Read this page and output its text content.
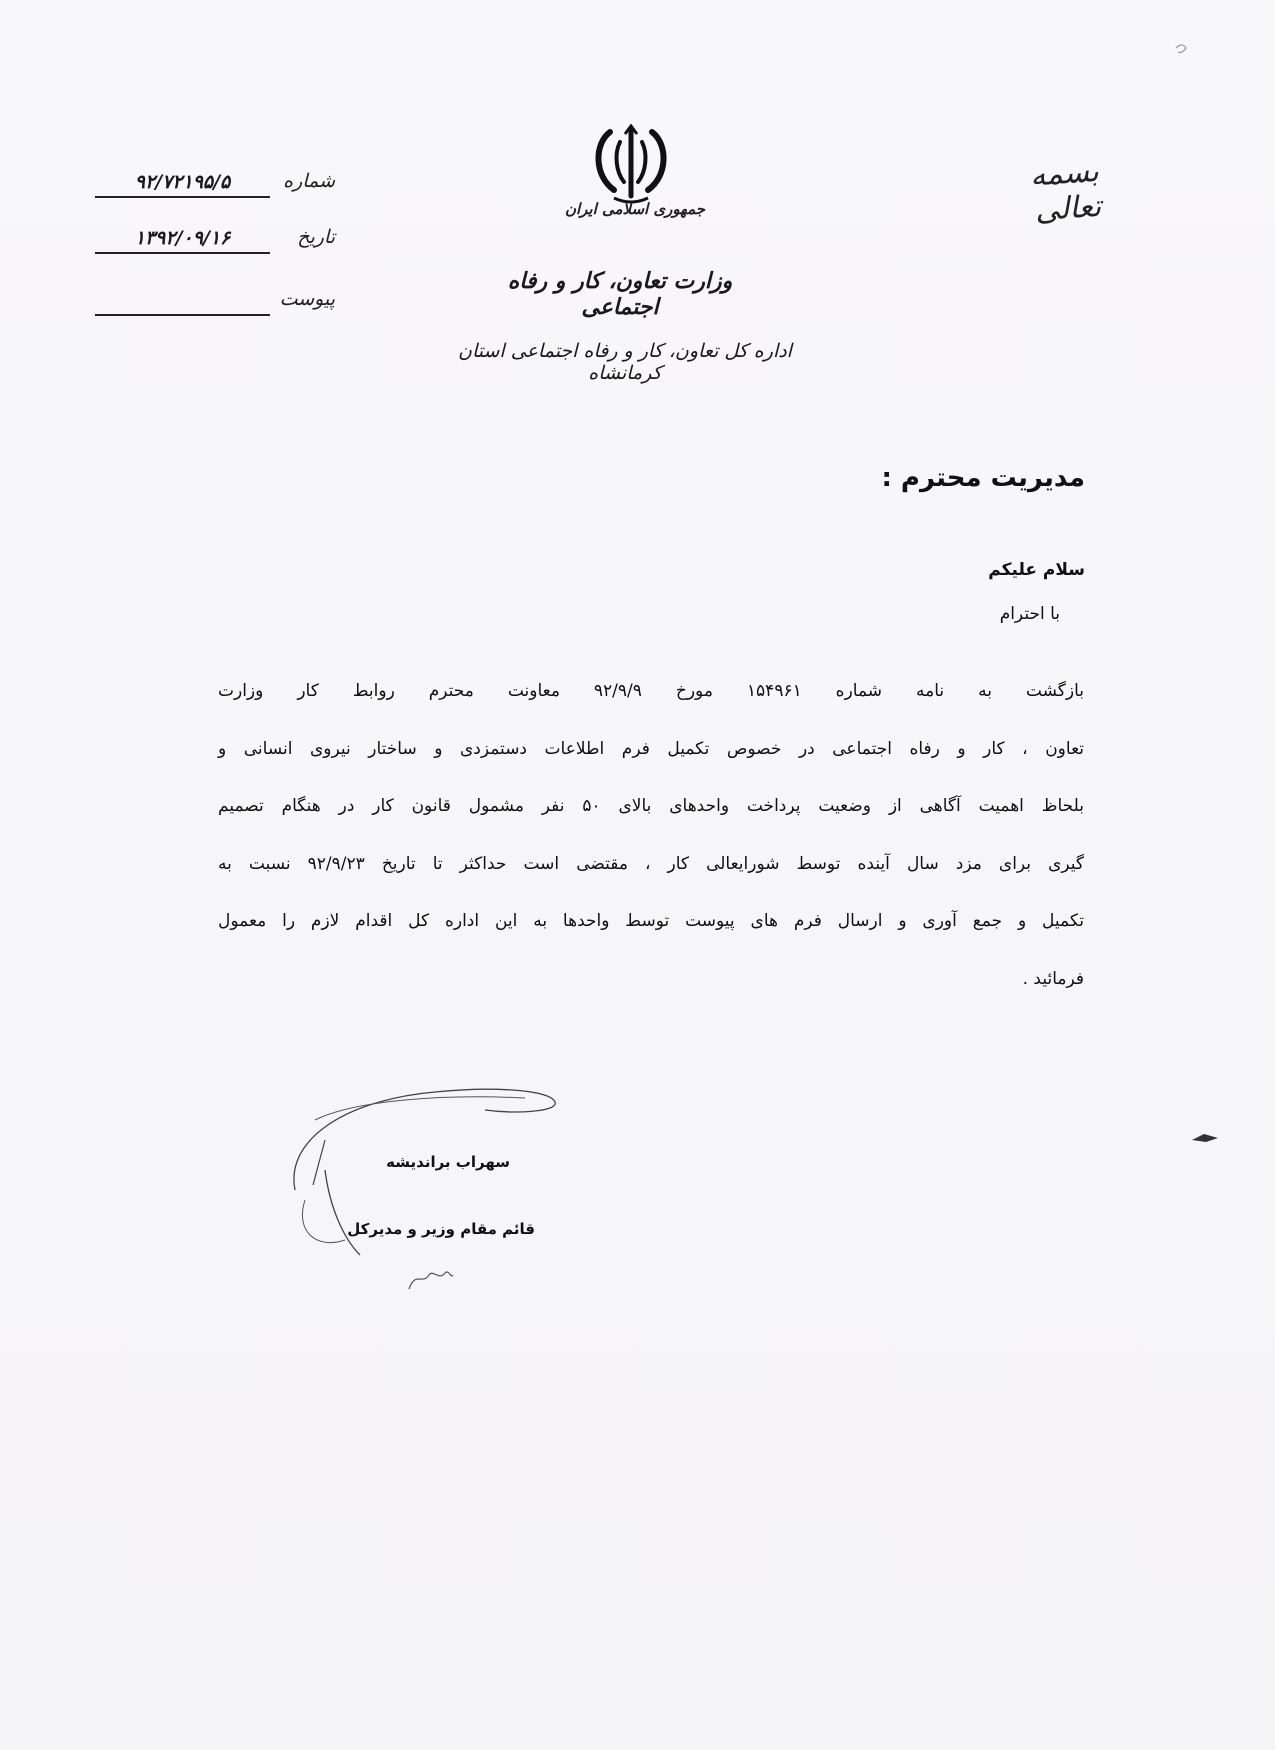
بسمه تعالی
جمهوری اسلامی ایران
وزارت تعاون، کار و رفاه اجتماعی
اداره کل تعاون، کار و رفاه اجتماعی استان کرمانشاه
شماره
۹۲/۷۲۱۹۵/۵
تاریخ
۱۳۹۲/۰۹/۱۶
پیوست
مدیریت محترم :
سلام علیکم
با احترام
بازگشت به نامه شماره ۱۵۴۹۶۱ مورخ ۹۲/۹/۹ معاونت محترم روابط کار وزارت
تعاون ، کار و رفاه اجتماعی در خصوص تکمیل فرم اطلاعات دستمزدی و ساختار نیروی انسانی و
بلحاظ اهمیت آگاهی از وضعیت پرداخت واحدهای بالای ۵۰ نفر مشمول قانون کار در هنگام تصمیم
گیری برای مزد سال آینده توسط شورایعالی کار ، مقتضی است حداکثر تا تاریخ ۹۲/۹/۲۳ نسبت به
تکمیل و جمع آوری و ارسال فرم های پیوست توسط واحدها به این اداره کل اقدام لازم را معمول
فرمائید .
سهراب براندیشه
قائم مقام وزیر و مدیرکل
